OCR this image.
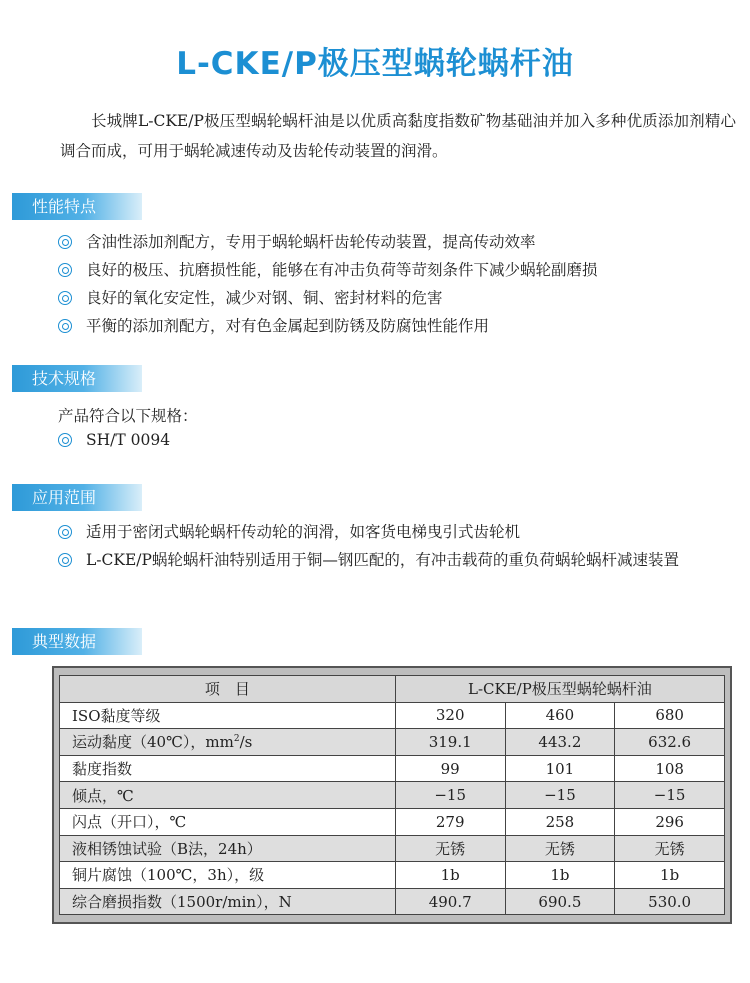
L-CKE/P极压型蜗轮蜗杆油
长城牌L-CKE/P极压型蜗轮蜗杆油是以优质高黏度指数矿物基础油并加入多种优质添加剂精心调合而成，可用于蜗轮减速传动及齿轮传动装置的润滑。
性能特点
含油性添加剂配方，专用于蜗轮蜗杆齿轮传动装置，提高传动效率
良好的极压、抗磨损性能，能够在有冲击负荷等苛刻条件下减少蜗轮副磨损
良好的氧化安定性，减少对钢、铜、密封材料的危害
平衡的添加剂配方，对有色金属起到防锈及防腐蚀性能作用
技术规格
产品符合以下规格：
SH/T 0094
应用范围
适用于密闭式蜗轮蜗杆传动轮的润滑，如客货电梯曳引式齿轮机
L-CKE/P蜗轮蜗杆油特别适用于铜—钢匹配的，有冲击载荷的重负荷蜗轮蜗杆减速装置
典型数据
项　目	L-CKE/P极压型蜗轮蜗杆油		
ISO黏度等级	320	460	680
运动黏度（40℃），$mm^2/s$	319.1	443.2	632.6
黏度指数	99	101	108
倾点，℃	−15	−15	−15
闪点（开口），℃	279	258	296
液相锈蚀试验（B法，24h）	无锈	无锈	无锈
铜片腐蚀（100℃，3h），级	1b	1b	1b
综合磨损指数（1500r/min），N	490.7	690.5	530.0
